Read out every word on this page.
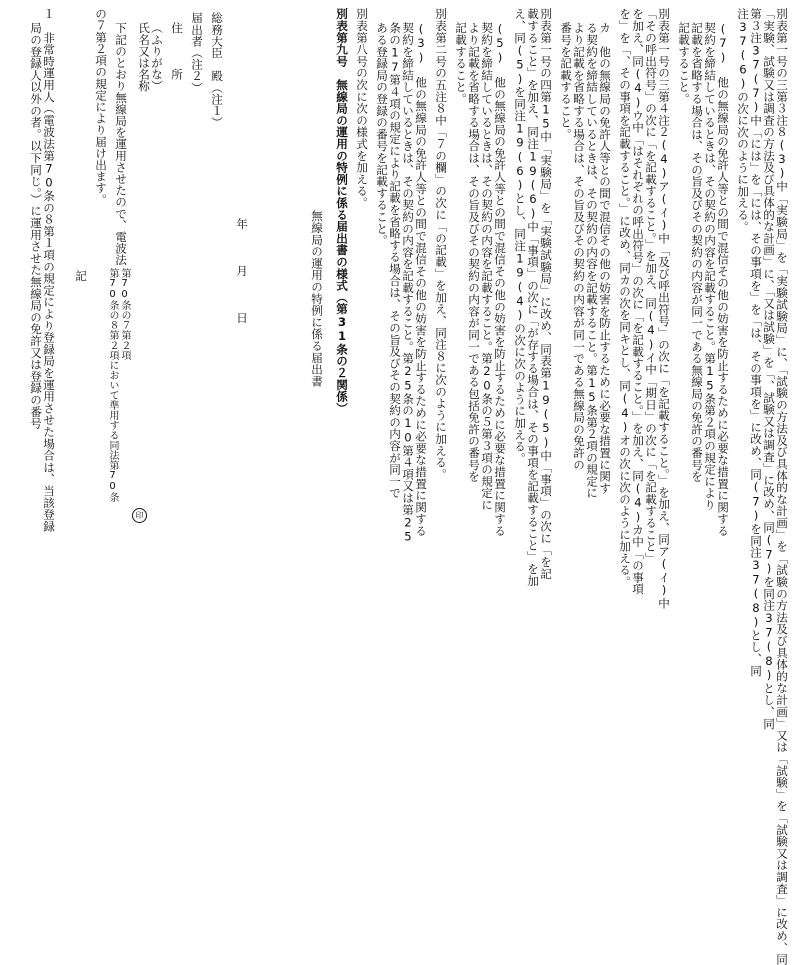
別表第一号の三第３注８(3)中「実験局」を「実験試験局」に、「試験の方法及び具体的な計画」を「試験の方法及び具体的な計画」又は「試験」を「試験又は調査」に改め、同
「実験、試験又は調査の方法及び具体的な計画」に、「又は試験」を「、試験又は調査」に改め、同(7)を同注37(8)とし、同
第３注37(7)中「には」を「には、その事項を」を「は、その事項を」に改め、同(7)を同注37(8)とし、同
注37(6)の次に次のように加える。
(7)　他の無線局の免許人等との間で混信その他の妨害を防止するために必要な措置に関する
契約を締結しているときは、その契約の内容を記載すること。第15条第２項の規定により
記載を省略する場合は、その旨及びその契約の内容が同一である無線局の免許の番号を
記載すること。
別表第一号の三第４注２(4)ア(ｲ)中「及び呼出符号」の次に「を記載すること。」を加え、同ア(ｲ)中
「その呼出符号」の次に「を記載すること。」を加え、同(4)イ中「期日」の次に「を記載すること」
を加え、同(4)ウ中「はそれぞれの呼出符号」の次に「を記載すること。」を加え、同(4)カ中「の事項
を」を「、その事項を記載すること。」に改め、同カの次を同キとし、同(4)オの次に次のように加える。
カ　他の無線局の免許人等との間で混信その他の妨害を防止するために必要な措置に関す
る契約を締結しているときは、その契約の内容を記載すること。第15条第２項の規定に
より記載を省略する場合は、その旨及びその契約の内容が同一である無線局の免許の
番号を記載すること。
別表第一号の四第15中「実験局」を「実験試験局」に改め、同表第19(5)中「事項」の次に「を記
載すること」を加え、同注19(6)中「事項」の次に「が存する場合は、その事項を記載すること」を加
え、同(5)を同注19(6)とし、同注19(4)の次に次のように加える。
(5)　他の無線局の免許人等との間で混信その他の妨害を防止するために必要な措置に関する
契約を締結しているときは、その契約の内容を記載すること。第20条の５第３項の規定に
より記載を省略する場合は、その旨及びその契約の内容が同一である包括免許の番号を
記載すること。
別表第二号の五注８中「７の欄」の次に「の記載」を加え、同注８に次のように加える。
(3)　他の無線局の免許人等との間で混信その他の妨害を防止するために必要な措置に関する
契約を締結しているときは、その契約の内容を記載すること。第25条の10第４項又は第25
条の17第４項の規定により記載を省略する場合は、その旨及びその契約の内容が同一で
ある登録局の登録の番号を記載すること。
別表第八号の次に次の様式を加える。
別表第九号　無線局の運用の特例に係る届出書の様式（第31条の２関係）
無線局の運用の特例に係る届出書
１　非常時運用人（電波法第70条の８第１項の規定により登録局を運用させた場合は、当該登録
局の登録人以外の者。以下同じ。）に運用させた無線局の免許又は登録の番号	年
月
日
総務大臣　殿（注１）
届出者（注２）
住　　　所
（ふりがな）
氏名又は名称
印
下記のとおり無線局を運用させたので、電波法
第70条の７第２項
第70条の８第２項において準用する同法第70条
の７第２項の規定により届け出ます。
記
